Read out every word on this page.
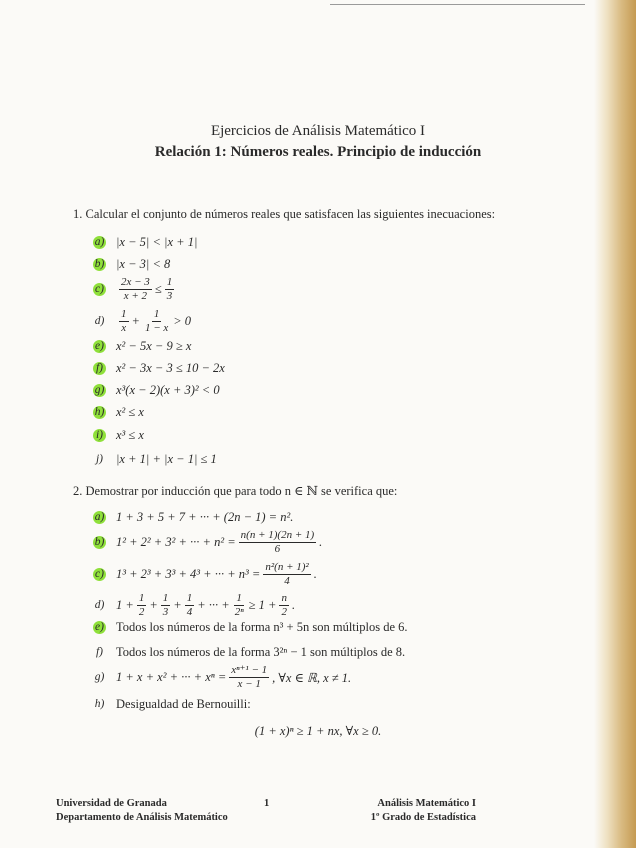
Ejercicios de Análisis Matemático I
Relación 1: Números reales. Principio de inducción
1. Calcular el conjunto de números reales que satisfacen las siguientes inecuaciones:
a) |x − 5| < |x + 1|
b) |x − 3| < 8
$c) \frac{2x - 3}{x + 2} \le \frac{1}{3}$
$d) \frac{1}{x} + \frac{1}{1 - x} > 0$
e) x² − 5x − 9 ≥ x
f) x² − 3x − 3 ≤ 10 − 2x
g) x³(x − 2)(x + 3)² < 0
h) x² ≤ x
i) x³ ≤ x
j) |x + 1| + |x − 1| ≤ 1
2. Demostrar por inducción que para todo n ∈ ℕ se verifica que:
a) 1 + 3 + 5 + 7 + ··· + (2n − 1) = n².
b) 1² + 2² + 3² + ··· + $n^2 = \frac{n(n + 1)(2n + 1)}{6}$ .
c) 1³ + 2³ + 3³ + 4³ + ··· + $n^3 = \frac{\text{n²(n + 1)²}}{4}$ .
d) $1 + \frac{1}{2} + \frac{1}{3} + \frac{1}{4}$ + ··· + $\frac{1}{\text{2ⁿ}} \ge 1 + \frac{n}{2}$ .
e) Todos los números de la forma n³ + 5n son múltiplos de 6.
f) Todos los números de la forma 3²ⁿ − 1 son múltiplos de 8.
g) 1 + x + x² + ··· + $x^n = \frac{\text{xⁿ⁺¹ − 1}}{x - 1}$ , ∀x ∈ ℝ, x ≠ 1.
h) Desigualdad de Bernouilli:
(1 + x)ⁿ ≥ 1 + nx, ∀x ≥ 0.
Universidad de Granada
Departamento de Análisis Matemático
1	Análisis Matemático I
1º Grado de Estadística
